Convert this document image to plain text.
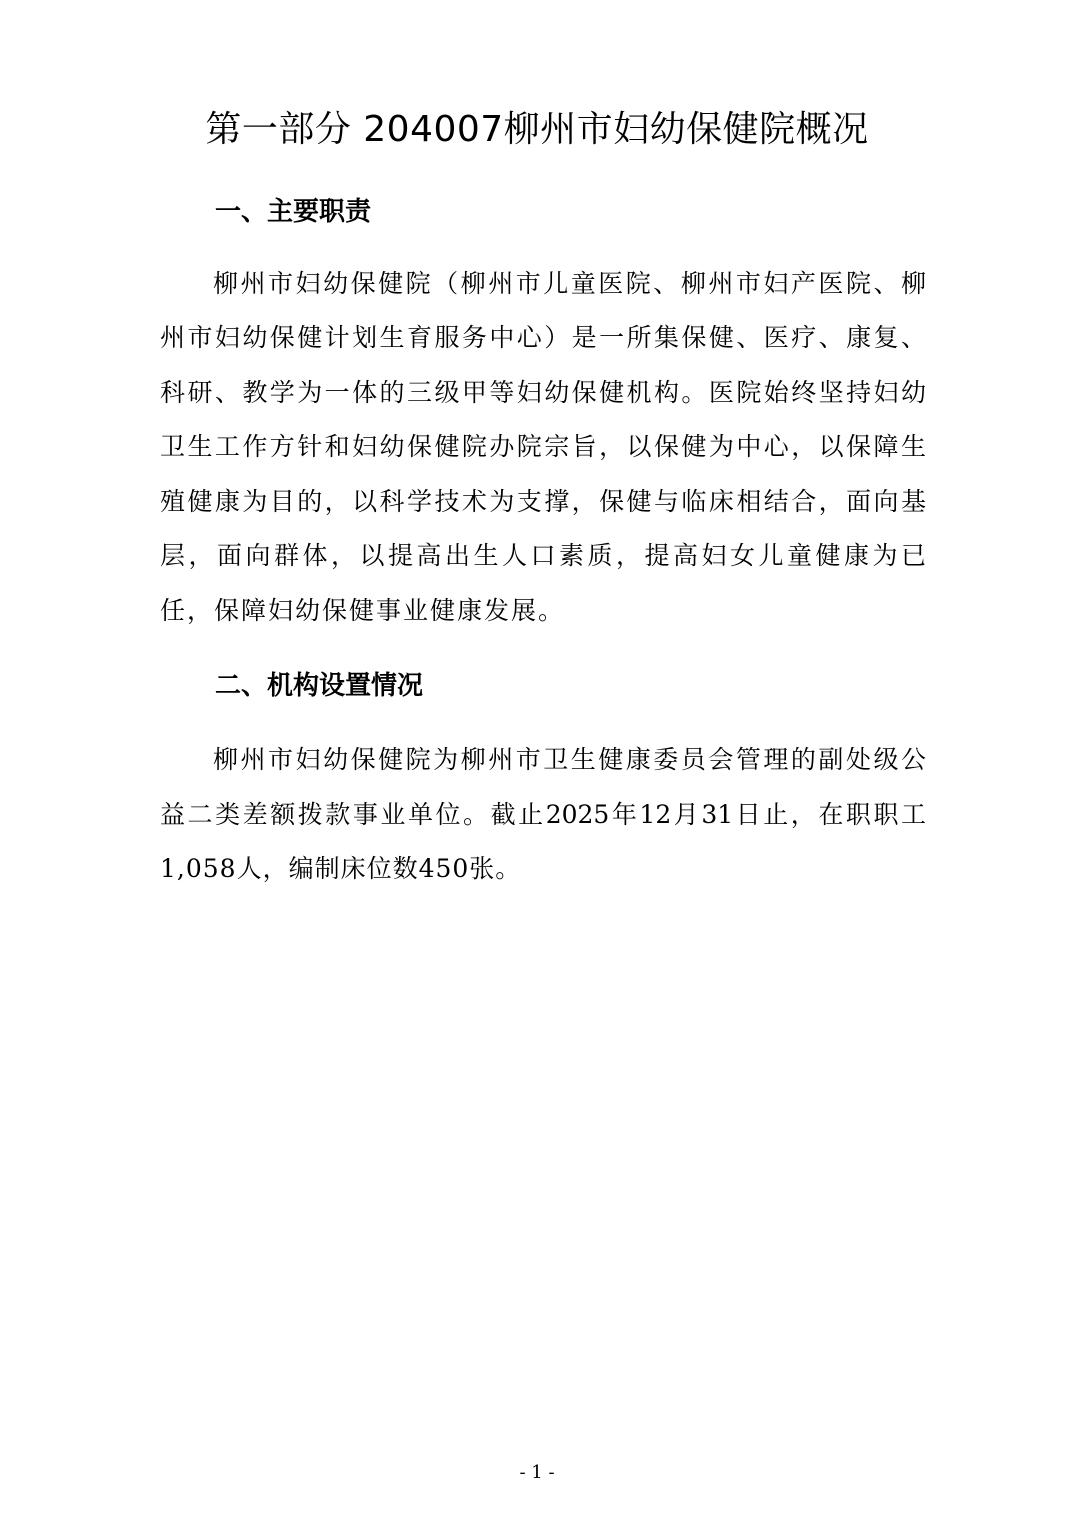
第一部分 204007柳州市妇幼保健院概况
一、主要职责
柳州市妇幼保健院（柳州市儿童医院、柳州市妇产医院、柳
州市妇幼保健计划生育服务中心）是一所集保健、医疗、康复、
科研、教学为一体的三级甲等妇幼保健机构。医院始终坚持妇幼
卫生工作方针和妇幼保健院办院宗旨，以保健为中心，以保障生
殖健康为目的，以科学技术为支撑，保健与临床相结合，面向基
层，面向群体，以提高出生人口素质，提高妇女儿童健康为已
任，保障妇幼保健事业健康发展。
二、机构设置情况
柳州市妇幼保健院为柳州市卫生健康委员会管理的副处级公
益二类差额拨款事业单位。截止2025年12月31日止，在职职工
1,058人，编制床位数450张。
- 1 -
